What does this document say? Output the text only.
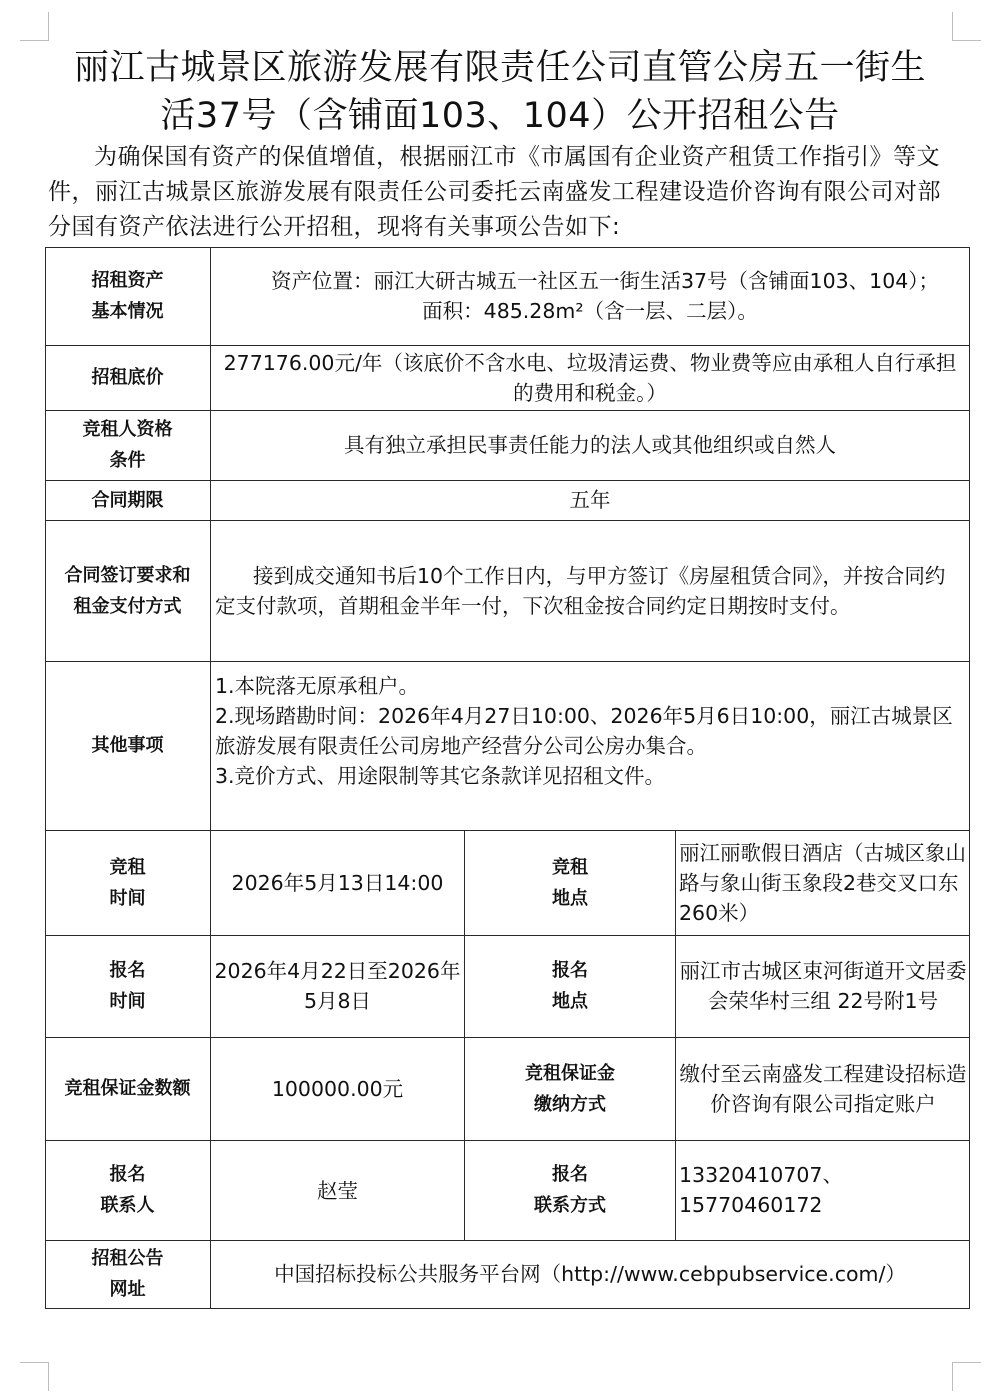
丽江古城景区旅游发展有限责任公司直管公房五一街生
活37号（含铺面103、104）公开招租公告

为确保国有资产的保值增值，根据丽江市《市属国有企业资产租赁工作指引》等文件，丽江古城景区旅游发展有限责任公司委托云南盛发工程建设造价咨询有限公司对部分国有资产依法进行公开招租，现将有关事项公告如下:

招租资产
基本情况
资产位置：丽江大研古城五一社区五一街生活37号（含铺面103、104）；
面积：485.28m²（含一层、二层）。
招租底价
277176.00元/年（该底价不含水电、垃圾清运费、物业费等应由承租人自行承担的费用和税金。）
竞租人资格
条件
具有独立承担民事责任能力的法人或其他组织或自然人
合同期限	五年
合同签订要求和
租金支付方式
接到成交通知书后10个工作日内，与甲方签订《房屋租赁合同》，并按合同约定支付款项，首期租金半年一付，下次租金按合同约定日期按时支付。
其他事项
1.本院落无原承租户。
2.现场踏勘时间：2026年4月27日10:00、2026年5月6日10:00，丽江古城景区旅游发展有限责任公司房地产经营分公司公房办集合。
3.竞价方式、用途限制等其它条款详见招租文件。
竞租
时间
2026年5月13日14:00
竞租
地点
丽江丽歌假日酒店（古城区象山路与象山街玉象段2巷交叉口东260米）
报名
时间
2026年4月22日至2026年5月8日
报名
地点
丽江市古城区束河街道开文居委会荣华村三组 22号附1号
竞租保证金数额	100000.00元
竞租保证金
缴纳方式
缴付至云南盛发工程建设招标造价咨询有限公司指定账户
报名
联系人
赵莹
报名
联系方式
13320410707、15770460172
招租公告
网址
中国招标投标公共服务平台网（http://www.cebpubservice.com/）
